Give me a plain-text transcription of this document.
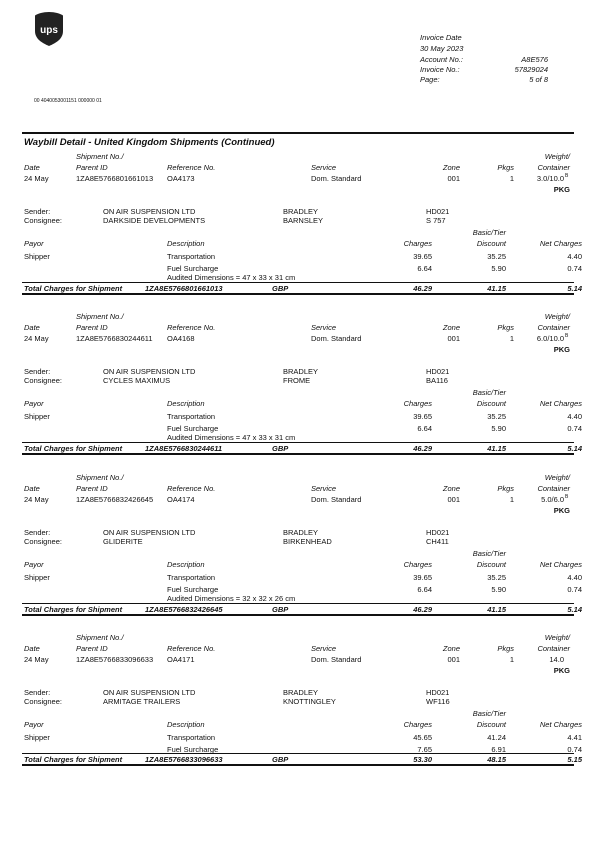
ups
00 4040053001151 000000 01
Invoice Date
30 May 2023
Account No.:	A8E576
Invoice No.:	57829024
Page:	5 of 8
Waybill Detail - United Kingdom Shipments (Continued)
Shipment No./	Weight/
Date	Parent ID	Reference No.	Service	Zone	Pkgs	Container
24 May	1ZA8E5766801661013 OA4173	Dom. Standard	001	1	3.0/10.0 B
PKG
Sender:	ON AIR SUSPENSION LTD	BRADLEY	HD021
Consignee:	DARKSIDE DEVELOPMENTS	BARNSLEY	S 757
Basic/Tier
Payor	Description	Charges	Discount	Net Charges
Shipper	Transportation	39.65	35.25	4.40
Fuel Surcharge	6.64	5.90	0.74
Audited Dimensions = 47 x 33 x 31 cm
Total Charges for Shipment	1ZA8E5766801661013	GBP	46.29	41.15	5.14
Shipment No./	Weight/
Date	Parent ID	Reference No.	Service	Zone	Pkgs	Container
24 May	1ZA8E5766830244611 OA4168	Dom. Standard	001	1	6.0/10.0 B
PKG
Sender:	ON AIR SUSPENSION LTD	BRADLEY	HD021
Consignee:	CYCLES MAXIMUS	FROME	BA116
Basic/Tier
Payor	Description	Charges	Discount	Net Charges
Shipper	Transportation	39.65	35.25	4.40
Fuel Surcharge	6.64	5.90	0.74
Audited Dimensions = 47 x 33 x 31 cm
Total Charges for Shipment	1ZA8E5766830244611	GBP	46.29	41.15	5.14
Shipment No./	Weight/
Date	Parent ID	Reference No.	Service	Zone	Pkgs	Container
24 May	1ZA8E5766832426645 OA4174	Dom. Standard	001	1	5.0/6.0 B
PKG
Sender:	ON AIR SUSPENSION LTD	BRADLEY	HD021
Consignee:	GLIDERITE	BIRKENHEAD	CH411
Basic/Tier
Payor	Description	Charges	Discount	Net Charges
Shipper	Transportation	39.65	35.25	4.40
Fuel Surcharge	6.64	5.90	0.74
Audited Dimensions = 32 x 32 x 26 cm
Total Charges for Shipment	1ZA8E5766832426645	GBP	46.29	41.15	5.14
Shipment No./	Weight/
Date	Parent ID	Reference No.	Service	Zone	Pkgs	Container
24 May	1ZA8E5766833096633 OA4171	Dom. Standard	001	1	14.0
PKG
Sender:	ON AIR SUSPENSION LTD	BRADLEY	HD021
Consignee:	ARMITAGE TRAILERS	KNOTTINGLEY	WF116
Basic/Tier
Payor	Description	Charges	Discount	Net Charges
Shipper	Transportation	45.65	41.24	4.41
Fuel Surcharge	7.65	6.91	0.74
Total Charges for Shipment	1ZA8E5766833096633	GBP	53.30	48.15	5.15
